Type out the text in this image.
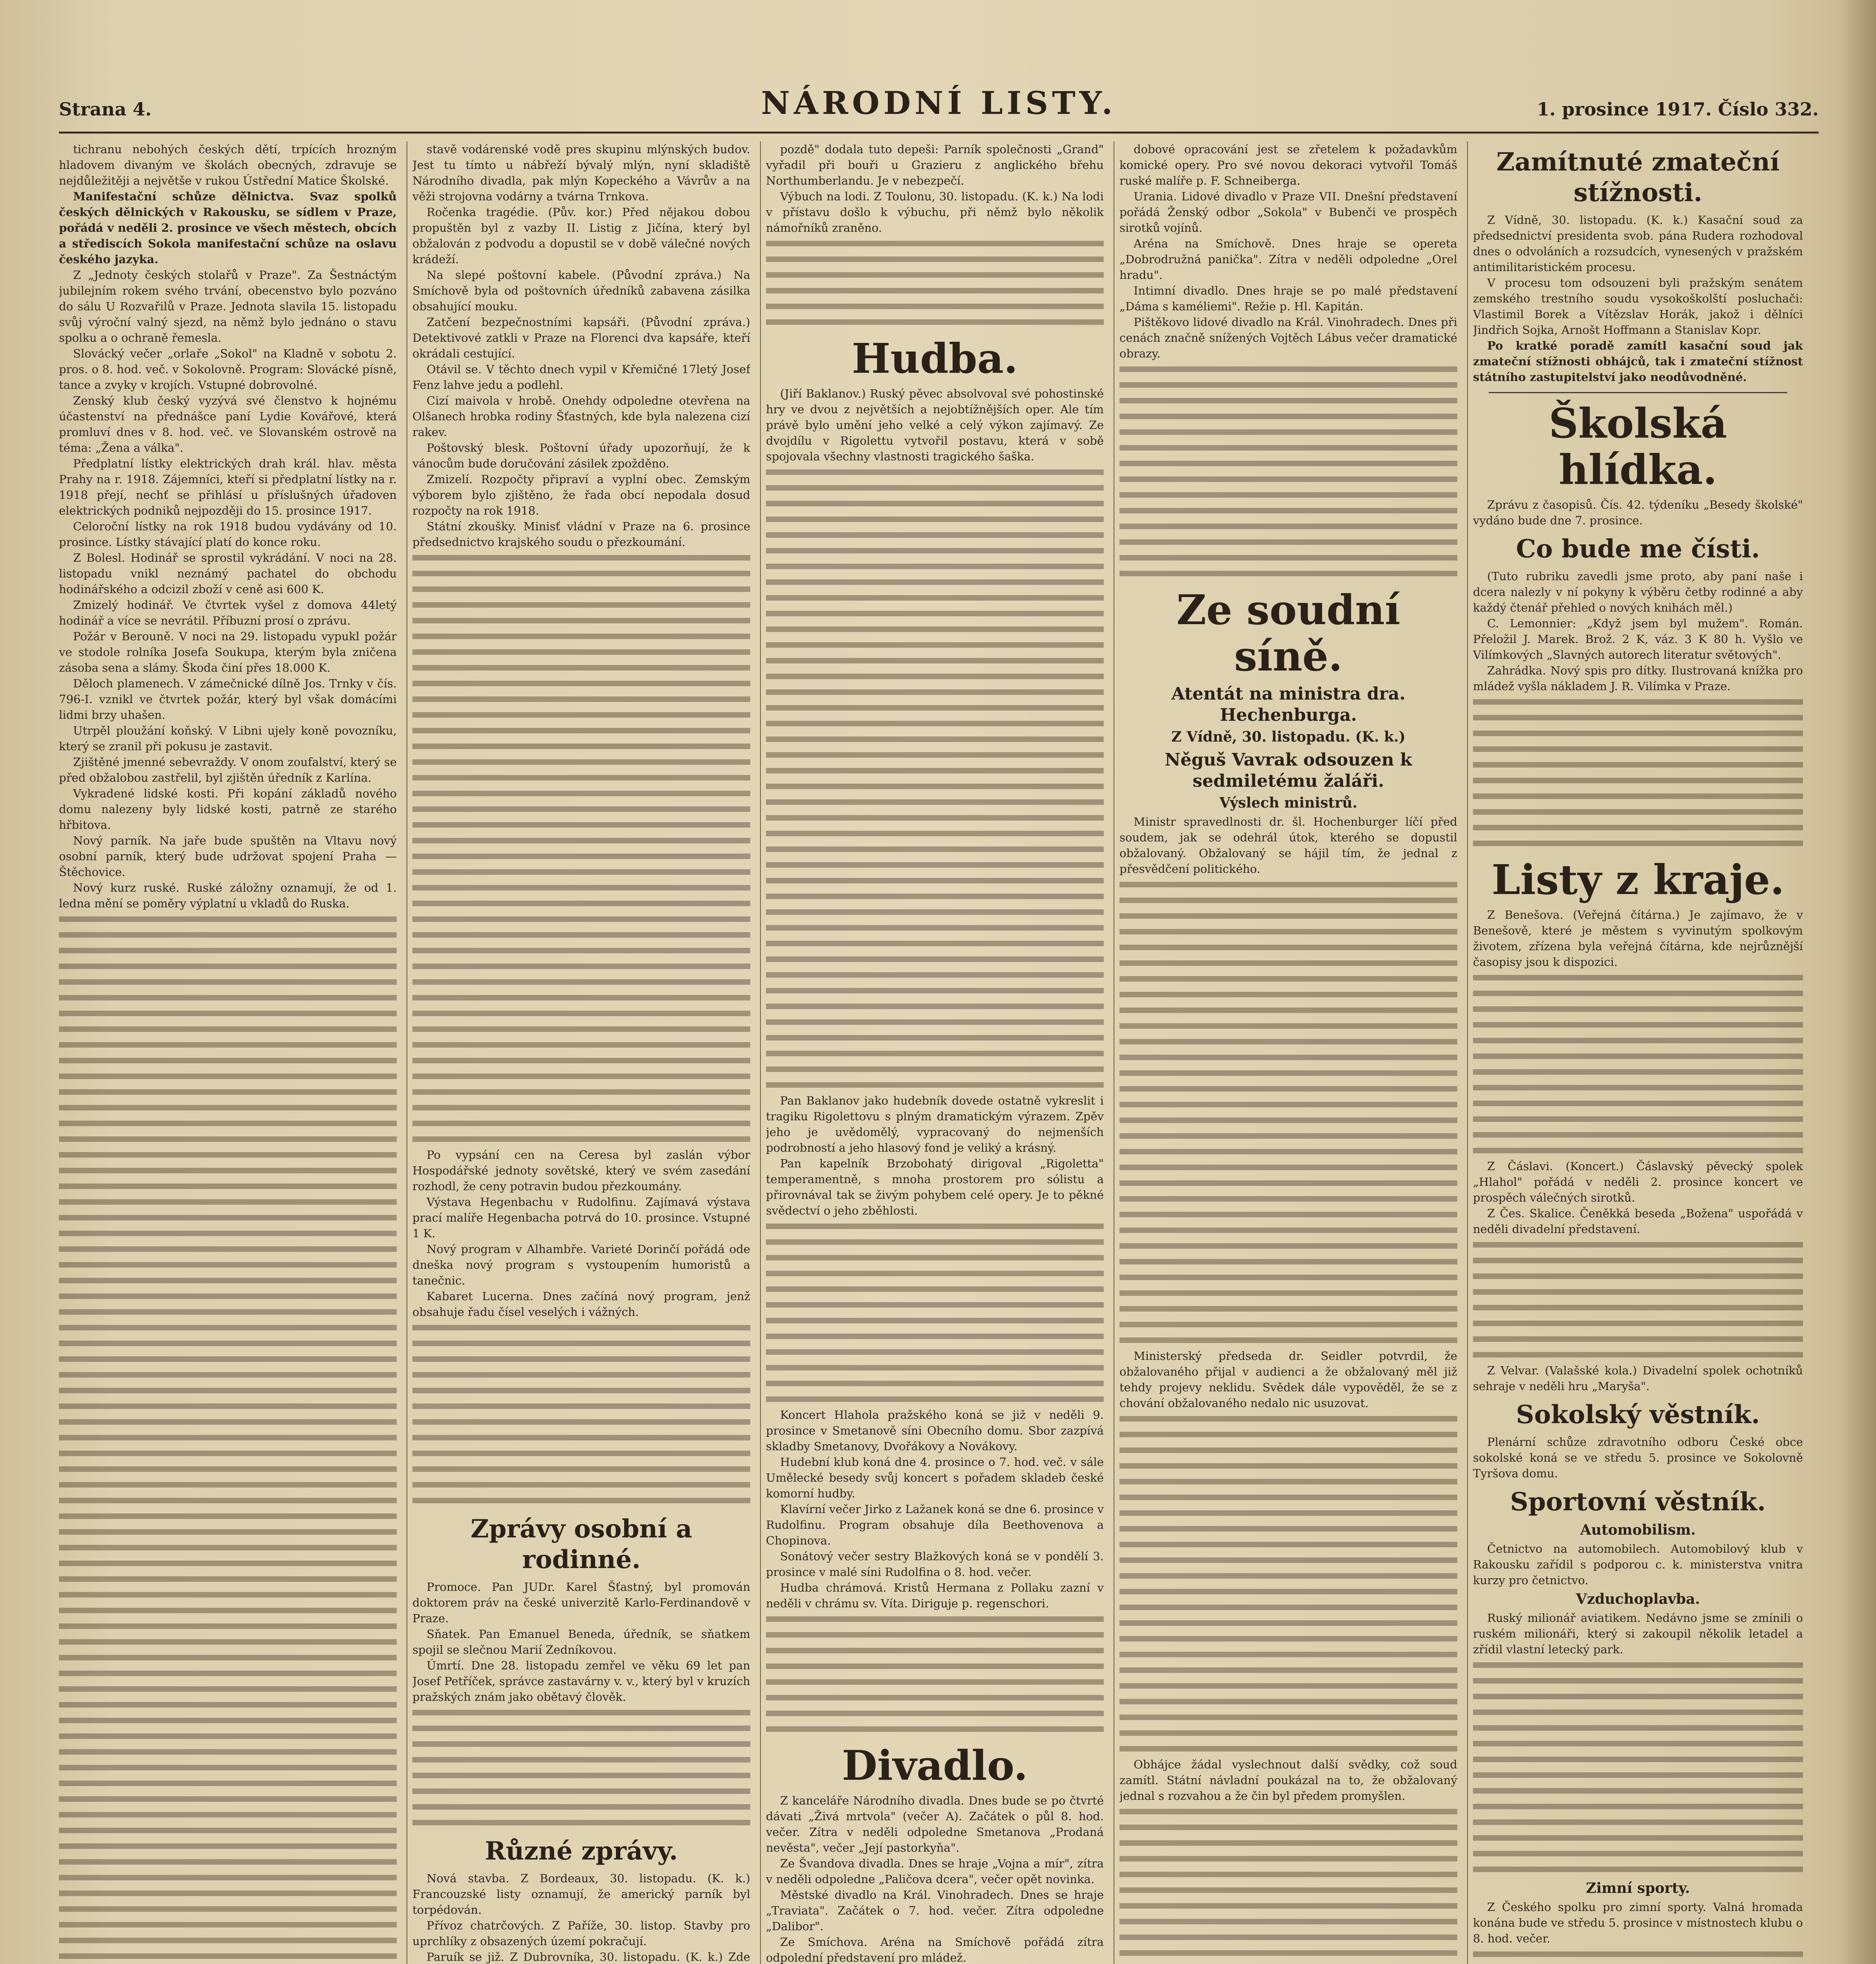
Strana 4.	NÁRODNÍ LISTY.	1. prosince 1917. Číslo 332.

tichranu nebohých českých dětí, trpících hrozným hladovem divaným ve školách obecných, zdravuje se nejdůležitěji a největše v rukou Ústřední Matice Školské.

Manifestační schůze dělnictva. Svaz spolků českých dělnických v Rakousku, se sídlem v Praze, pořádá v neděli 2. prosince ve všech městech, obcích a střediscích Sokola manifestační schůze na oslavu českého jazyka.

Z „Jednoty českých stolařů v Praze". Za Šestnáctým jubilejním rokem svého trvání, obecenstvo bylo pozváno do sálu U Rozvařilů v Praze. Jednota slavila 15. listopadu svůj výroční valný sjezd, na němž bylo jednáno o stavu spolku a o ochraně řemesla.

Slovácký večer „orlaře „Sokol" na Kladně v sobotu 2. pros. o 8. hod. več. v Sokolovně. Program: Slovácké písně, tance a zvyky v krojích. Vstupné dobrovolné.

Zenský klub český vyzývá své členstvo k hojnému účastenství na přednášce paní Lydie Kovářové, která promluví dnes v 8. hod. več. ve Slovanském ostrově na téma: „Žena a válka".

Předplatní lístky elektrických drah král. hlav. města Prahy na r. 1918. Zájemníci, kteří si předplatní lístky na r. 1918 přejí, nechť se přihlásí u příslušných úřadoven elektrických podniků nejpozději do 15. prosince 1917.

Celoroční lístky na rok 1918 budou vydávány od 10. prosince. Lístky stávající platí do konce roku.

Z Bolesl. Hodinář se sprostil vykrádání. V noci na 28. listopadu vnikl neznámý pachatel do obchodu hodinářského a odcizil zboží v ceně asi 600 K.

Zmizelý hodinář. Ve čtvrtek vyšel z domova 44letý hodinář a více se nevrátil. Příbuzní prosí o zprávu.

Požár v Berouně. V noci na 29. listopadu vypukl požár ve stodole rolníka Josefa Soukupa, kterým byla zničena zásoba sena a slámy. Škoda činí přes 18.000 K.

Děloch plamenech. V zámečnické dílně Jos. Trnky v čís. 796-I. vznikl ve čtvrtek požár, který byl však domácími lidmi brzy uhašen.

Utrpěl ploužání koňský. V Libni ujely koně povozníku, který se zranil při pokusu je zastavit.

Zjištěné jmenné sebevraždy. V onom zoufalství, který se před obžalobou zastřelil, byl zjištěn úředník z Karlína.

Vykradené lidské kosti. Při kopání základů nového domu nalezeny byly lidské kosti, patrně ze starého hřbitova.

Nový parník. Na jaře bude spuštěn na Vltavu nový osobní parník, který bude udržovat spojení Praha — Štěchovice.

Nový kurz ruské. Ruské záložny oznamují, že od 1. ledna mění se poměry výplatní u vkladů do Ruska.

stavě vodárenské vodě pres skupinu mlýnských budov. Jest tu tímto u nábřeží bývalý mlýn, nyní skladiště Národního divadla, pak mlýn Kopeckého a Vávrův a na věži strojovna vodárny a tvárna Trnkova.

Ročenka tragédie. (Pův. kor.) Před nějakou dobou propuštěn byl z vazby II. Listig z Jičína, který byl obžalován z podvodu a dopustil se v době válečné nových krádeží.

Na slepé poštovní kabele. (Původní zpráva.) Na Smíchově byla od poštovních úředníků zabavena zásilka obsahující mouku.

Zatčení bezpečnostními kapsáři. (Původní zpráva.) Detektivové zatkli v Praze na Florenci dva kapsáře, kteří okrádali cestující.

Otávil se. V těchto dnech vypil v Křemičné 17letý Josef Fenz lahve jedu a podlehl.

Cizí maivola v hrobě. Onehdy odpoledne otevřena na Olšanech hrobka rodiny Šťastných, kde byla nalezena cizí rakev.

Poštovský blesk. Poštovní úřady upozorňují, že k vánocům bude doručování zásilek zpožděno.

Zmizelí. Rozpočty připraví a vyplní obec. Zemským výborem bylo zjištěno, že řada obcí nepodala dosud rozpočty na rok 1918.

Státní zkoušky. Minisť vládní v Praze na 6. prosince předsednictvo krajského soudu o přezkoumání.

Po vypsání cen na Ceresa byl zaslán výbor Hospodářské jednoty sovětské, který ve svém zasedání rozhodl, že ceny potravin budou přezkoumány.

Výstava Hegenbachu v Rudolfinu. Zajímavá výstava prací malíře Hegenbacha potrvá do 10. prosince. Vstupné 1 K.

Nový program v Alhambře. Varieté Dorinčí pořádá ode dneška nový program s vystoupením humoristů a tanečnic.

Kabaret Lucerna. Dnes začíná nový program, jenž obsahuje řadu čísel veselých i vážných.

Zprávy osobní a rodinné.

Promoce. Pan JUDr. Karel Šťastný, byl promován doktorem práv na české univerzitě Karlo-Ferdinandově v Praze.

Sňatek. Pan Emanuel Beneda, úředník, se sňatkem spojil se slečnou Marií Zedníkovou.

Úmrtí. Dne 28. listopadu zemřel ve věku 69 let pan Josef Petříček, správce zastavárny v. v., který byl v kruzích pražských znám jako obětavý člověk.

Různé zprávy.

Nová stavba. Z Bordeaux, 30. listopadu. (K. k.) Francouzské listy oznamují, že americký parník byl torpédován.

Přívoz chatrčových. Z Paříže, 30. listop. Stavby pro uprchlíky z obsazených území pokračují.

Paruík se již. Z Dubrovníka, 30. listopadu. (K. k.) Zde

pozdě" dodala tuto depeši: Parník společnosti „Grand" vyřadil při bouři u Grazieru z anglického břehu Northumberlandu. Je v nebezpečí.

Výbuch na lodi. Z Toulonu, 30. listopadu. (K. k.) Na lodi v přístavu došlo k výbuchu, při němž bylo několik námořníků zraněno.

Hudba.

(Jiří Baklanov.) Ruský pěvec absolvoval své pohostinské hry ve dvou z největších a nejobtížnějších oper. Ale tím právě bylo umění jeho velké a celý výkon zajímavý. Ze dvojdílu v Rigolettu vytvořil postavu, která v sobě spojovala všechny vlastnosti tragického šaška.

Pan Baklanov jako hudebník dovede ostatně vykreslit i tragiku Rigolettovu s plným dramatickým výrazem. Zpěv jeho je uvědomělý, vypracovaný do nejmenších podrobností a jeho hlasový fond je veliký a krásný.

Pan kapelník Brzobohatý dirigoval „Rigoletta" temperamentně, s mnoha prostorem pro sólistu a přirovnával tak se živým pohybem celé opery. Je to pěkné svědectví o jeho zběhlosti.

Koncert Hlahola pražského koná se již v neděli 9. prosince v Smetanově síni Obecního domu. Sbor zazpívá skladby Smetanovy, Dvořákovy a Novákovy.

Hudební klub koná dne 4. prosince o 7. hod. več. v sále Umělecké besedy svůj koncert s pořadem skladeb české komorní hudby.

Klavírní večer Jirko z Lažanek koná se dne 6. prosince v Rudolfinu. Program obsahuje díla Beethovenova a Chopinova.

Sonátový večer sestry Blažkových koná se v pondělí 3. prosince v malé síni Rudolfina o 8. hod. večer.

Hudba chrámová. Kristů Hermana z Pollaku zazní v neděli v chrámu sv. Víta. Diriguje p. regenschori.

Divadlo.

Z kanceláře Národního divadla. Dnes bude se po čtvrté dávati „Živá mrtvola" (večer A). Začátek o půl 8. hod. večer. Zítra v neděli odpoledne Smetanova „Prodaná nevěsta", večer „Její pastorkyňa".

Ze Švandova divadla. Dnes se hraje „Vojna a mír", zítra v neděli odpoledne „Paličova dcera", večer opět novinka.

Městské divadlo na Král. Vinohradech. Dnes se hraje „Traviata". Začátek o 7. hod. večer. Zítra odpoledne „Dalibor".

Ze Smíchova. Aréna na Smíchově pořádá zítra odpolední představení pro mládež.

dobové opracování jest se zřetelem k požadavkům komické opery. Pro své novou dekoraci vytvořil Tomáš ruské malíře p. F. Schneiberga.

Urania. Lidové divadlo v Praze VII. Dnešní představení pořádá Ženský odbor „Sokola" v Bubenči ve prospěch sirotků vojínů.

Aréna na Smíchově. Dnes hraje se opereta „Dobrodružná panička". Zítra v neděli odpoledne „Orel hradu".

Intimní divadlo. Dnes hraje se po malé představení „Dáma s kaméliemi". Režie p. Hl. Kapitán.

Pištěkovo lidové divadlo na Král. Vinohradech. Dnes při cenách značně snížených Vojtěch Lábus večer dramatické obrazy.

Ze soudní síně.
Atentát na ministra dra. Hechenburga.
Z Vídně, 30. listopadu. (K. k.)
Něguš Vavrak odsouzen k sedmiletému žaláři.
Výslech ministrů.

Ministr spravedlnosti dr. šl. Hochenburger líčí před soudem, jak se odehrál útok, kterého se dopustil obžalovaný. Obžalovaný se hájil tím, že jednal z přesvědčení politického.

Ministerský předseda dr. Seidler potvrdil, že obžalovaného přijal v audienci a že obžalovaný měl již tehdy projevy neklidu. Svědek dále vypověděl, že se z chování obžalovaného nedalo nic usuzovat.

Obhájce žádal vyslechnout další svědky, což soud zamítl. Státní návladní poukázal na to, že obžalovaný jednal s rozvahou a že čin byl předem promyšlen.

Zamítnuté zmateční stížnosti.

Z Vídně, 30. listopadu. (K. k.) Kasační soud za předsednictví presidenta svob. pána Rudera rozhodoval dnes o odvoláních a rozsudcích, vynesených v pražském antimilitaristickém procesu.

V procesu tom odsouzeni byli pražským senátem zemského trestního soudu vysokoškolští posluchači: Vlastimil Borek a Vítězslav Horák, jakož i dělníci Jindřich Sojka, Arnošt Hoffmann a Stanislav Kopr.

Po kratké poradě zamítl kasační soud jak zmateční stížnosti obhájců, tak i zmateční stížnost státního zastupitelství jako neodůvodněné.

Školská hlídka.

Zprávu z časopisů. Čís. 42. týdeníku „Besedy školské" vydáno bude dne 7. prosince.

Co bude me čísti.

(Tuto rubriku zavedli jsme proto, aby paní naše i dcera nalezly v ní pokyny k výběru četby rodinné a aby každý čtenář přehled o nových knihách měl.)

C. Lemonnier: „Když jsem byl mužem". Román. Přeložil J. Marek. Brož. 2 K, váz. 3 K 80 h. Vyšlo ve Vilímkových „Slavných autorech literatur světových".

Zahrádka. Nový spis pro dítky. Ilustrovaná knížka pro mládež vyšla nákladem J. R. Vilímka v Praze.

Listy z kraje.

Z Benešova. (Veřejná čítárna.) Je zajímavo, že v Benešově, které je městem s vyvinutým spolkovým životem, zřízena byla veřejná čítárna, kde nejrůznější časopisy jsou k dispozici.

Z Čáslavi. (Koncert.) Čáslavský pěvecký spolek „Hlahol" pořádá v neděli 2. prosince koncert ve prospěch válečných sirotků.

Z Čes. Skalice. Čeněkká beseda „Božena" uspořádá v neděli divadelní představení.

Z Velvar. (Valašské kola.) Divadelní spolek ochotníků sehraje v neděli hru „Maryša".

Sokolský věstník.

Plenární schůze zdravotního odboru České obce sokolské koná se ve středu 5. prosince ve Sokolovně Tyršova domu.

Sportovní věstník.
Automobilism.

Četnictvo na automobilech. Automobilový klub v Rakousku zařídil s podporou c. k. ministerstva vnitra kurzy pro četnictvo.

Vzduchoplavba.

Ruský milionář aviatikem. Nedávno jsme se zmínili o ruském milionáři, který si zakoupil několik letadel a zřídil vlastní letecký park.

Zimní sporty.

Z Českého spolku pro zimní sporty. Valná hromada konána bude ve středu 5. prosince v místnostech klubu o 8. hod. večer.
